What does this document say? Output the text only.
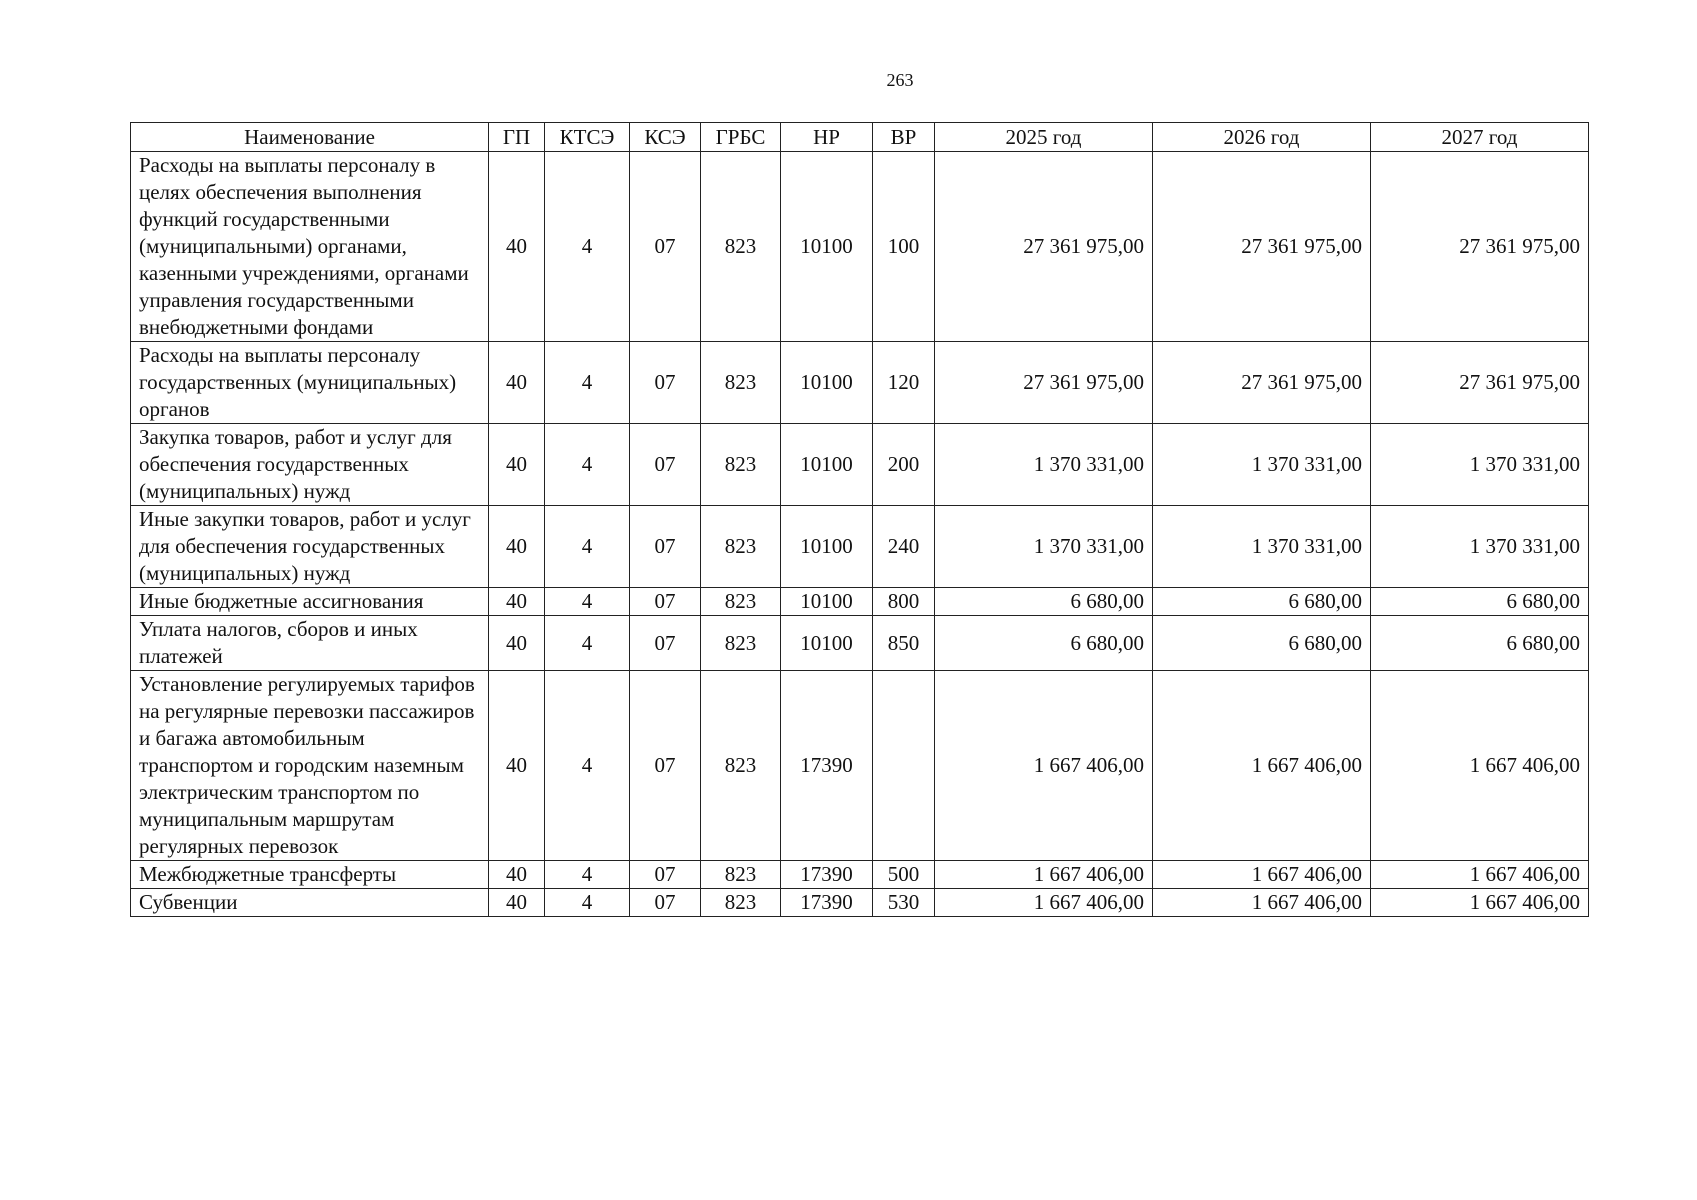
263
Наименование	ГП	КТСЭ	КСЭ	ГРБС	НР	ВР	2025 год	2026 год	2027 год
Расходы на выплаты персоналу в целях обеспечения выполнения функций государственными (муниципальными) органами, казенными учреждениями, органами управления государственными внебюджетными фондами	40	4	07	823	10100	100	27 361 975,00	27 361 975,00	27 361 975,00
Расходы на выплаты персоналу государственных (муниципальных) органов	40	4	07	823	10100	120	27 361 975,00	27 361 975,00	27 361 975,00
Закупка товаров, работ и услуг для обеспечения государственных (муниципальных) нужд	40	4	07	823	10100	200	1 370 331,00	1 370 331,00	1 370 331,00
Иные закупки товаров, работ и услуг для обеспечения государственных (муниципальных) нужд	40	4	07	823	10100	240	1 370 331,00	1 370 331,00	1 370 331,00
Иные бюджетные ассигнования	40	4	07	823	10100	800	6 680,00	6 680,00	6 680,00
Уплата налогов, сборов и иных платежей	40	4	07	823	10100	850	6 680,00	6 680,00	6 680,00
Установление регулируемых тарифов на регулярные перевозки пассажиров и багажа автомобильным транспортом и городским наземным электрическим транспортом по муниципальным маршрутам регулярных перевозок	40	4	07	823	17390		1 667 406,00	1 667 406,00	1 667 406,00
Межбюджетные трансферты	40	4	07	823	17390	500	1 667 406,00	1 667 406,00	1 667 406,00
Субвенции	40	4	07	823	17390	530	1 667 406,00	1 667 406,00	1 667 406,00
